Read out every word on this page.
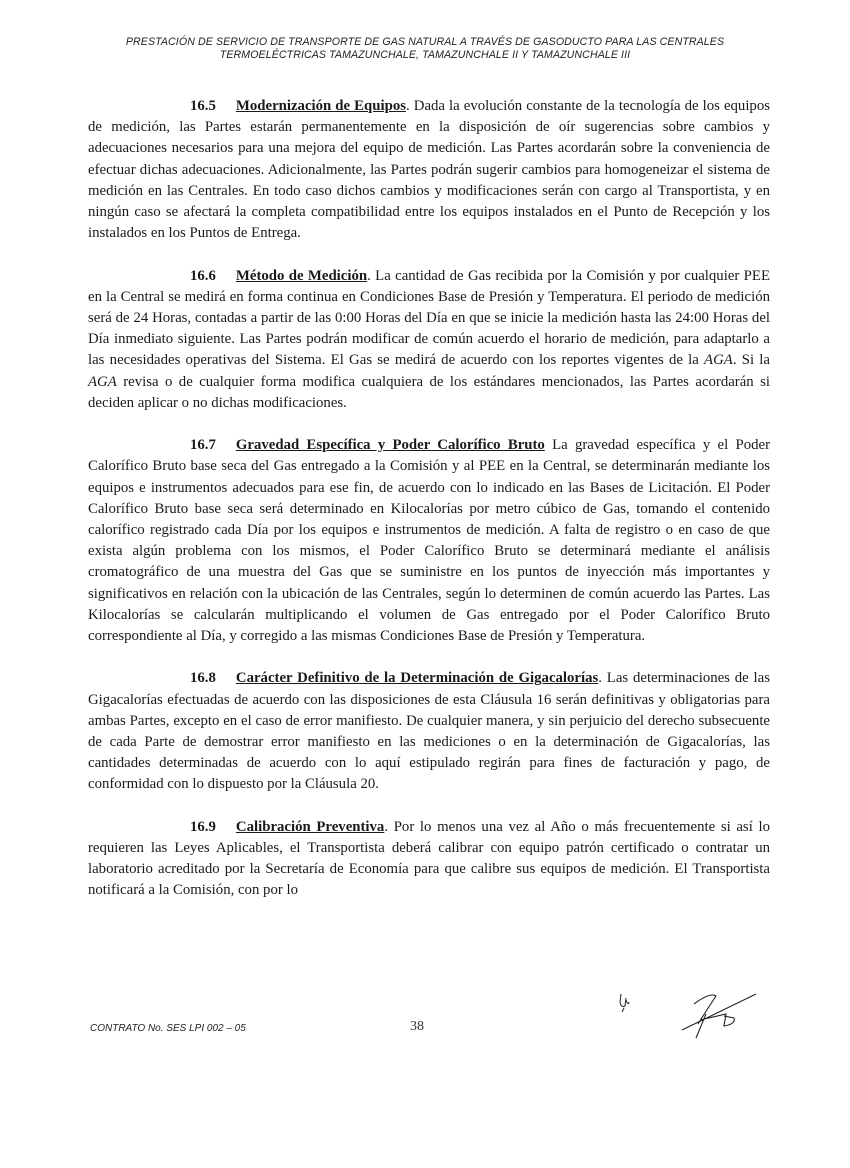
PRESTACIÓN DE SERVICIO DE TRANSPORTE DE GAS NATURAL A TRAVÉS DE GASODUCTO PARA LAS CENTRALES
TERMOELÉCTRICAS TAMAZUNCHALE, TAMAZUNCHALE II Y TAMAZUNCHALE III

16.5 Modernización de Equipos. Dada la evolución constante de la tecnología de los equipos de medición, las Partes estarán permanentemente en la disposición de oír sugerencias sobre cambios y adecuaciones necesarios para una mejora del equipo de medición. Las Partes acordarán sobre la conveniencia de efectuar dichas adecuaciones. Adicionalmente, las Partes podrán sugerir cambios para homogeneizar el sistema de medición en las Centrales. En todo caso dichos cambios y modificaciones serán con cargo al Transportista, y en ningún caso se afectará la completa compatibilidad entre los equipos instalados en el Punto de Recepción y los instalados en los Puntos de Entrega.

16.6 Método de Medición. La cantidad de Gas recibida por la Comisión y por cualquier PEE en la Central se medirá en forma continua en Condiciones Base de Presión y Temperatura. El periodo de medición será de 24 Horas, contadas a partir de las 0:00 Horas del Día en que se inicie la medición hasta las 24:00 Horas del Día inmediato siguiente. Las Partes podrán modificar de común acuerdo el horario de medición, para adaptarlo a las necesidades operativas del Sistema. El Gas se medirá de acuerdo con los reportes vigentes de la AGA. Si la AGA revisa o de cualquier forma modifica cualquiera de los estándares mencionados, las Partes acordarán si deciden aplicar o no dichas modificaciones.

16.7 Gravedad Específica y Poder Calorífico Bruto La gravedad específica y el Poder Calorífico Bruto base seca del Gas entregado a la Comisión y al PEE en la Central, se determinarán mediante los equipos e instrumentos adecuados para ese fin, de acuerdo con lo indicado en las Bases de Licitación. El Poder Calorífico Bruto base seca será determinado en Kilocalorías por metro cúbico de Gas, tomando el contenido calorífico registrado cada Día por los equipos e instrumentos de medición. A falta de registro o en caso de que exista algún problema con los mismos, el Poder Calorífico Bruto se determinará mediante el análisis cromatográfico de una muestra del Gas que se suministre en los puntos de inyección más importantes y significativos en relación con la ubicación de las Centrales, según lo determinen de común acuerdo las Partes. Las Kilocalorías se calcularán multiplicando el volumen de Gas entregado por el Poder Calorífico Bruto correspondiente al Día, y corregido a las mismas Condiciones Base de Presión y Temperatura.

16.8 Carácter Definitivo de la Determinación de Gigacalorías. Las determinaciones de las Gigacalorías efectuadas de acuerdo con las disposiciones de esta Cláusula 16 serán definitivas y obligatorias para ambas Partes, excepto en el caso de error manifiesto. De cualquier manera, y sin perjuicio del derecho subsecuente de cada Parte de demostrar error manifiesto en las mediciones o en la determinación de Gigacalorías, las cantidades determinadas de acuerdo con lo aquí estipulado regirán para fines de facturación y pago, de conformidad con lo dispuesto por la Cláusula 20.

16.9 Calibración Preventiva. Por lo menos una vez al Año o más frecuentemente si así lo requieren las Leyes Aplicables, el Transportista deberá calibrar con equipo patrón certificado o contratar un laboratorio acreditado por la Secretaría de Economía para que calibre sus equipos de medición. El Transportista notificará a la Comisión, con por lo

CONTRATO No. SES LPI 002 – 05	38
